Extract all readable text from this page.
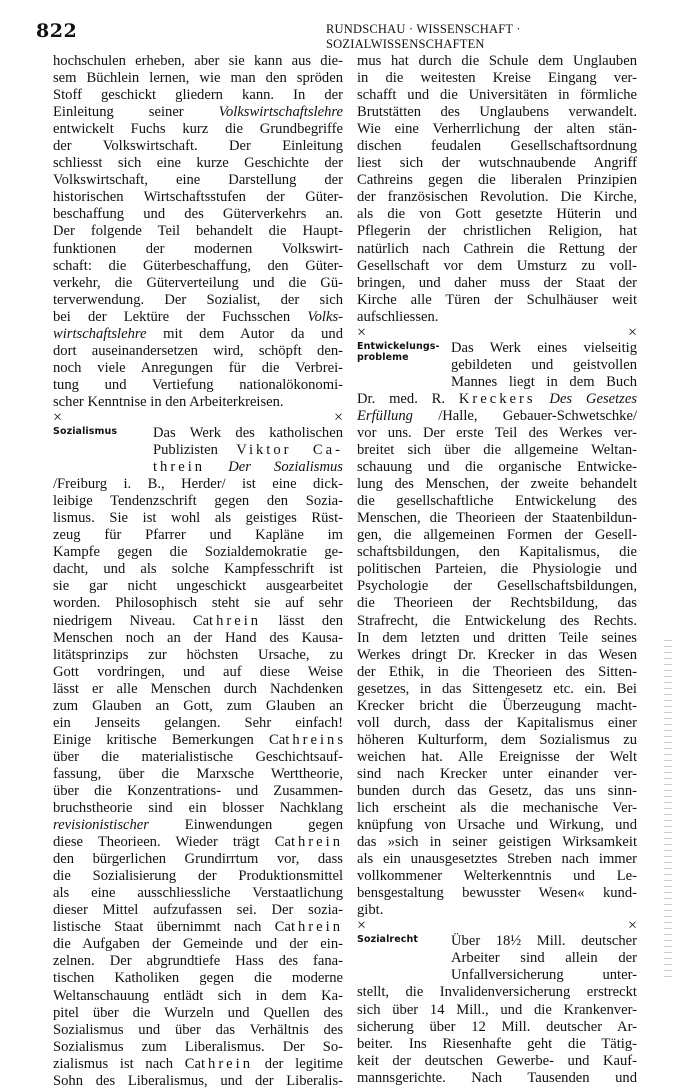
822	RUNDSCHAU · WISSENSCHAFT · SOZIALWISSENSCHAFTEN
hochschulen erheben, aber sie kann aus die-
sem Büchlein lernen, wie man den spröden
Stoff geschickt gliedern kann. In der
Einleitung seiner Volkswirtschaftslehre
entwickelt Fuchs kurz die Grundbegriffe
der Volkswirtschaft. Der Einleitung
schliesst sich eine kurze Geschichte der
Volkswirtschaft, eine Darstellung der
historischen Wirtschaftsstufen der Güter-
beschaffung und des Güterverkehrs an.
Der folgende Teil behandelt die Haupt-
funktionen der modernen Volkswirt-
schaft: die Güterbeschaffung, den Güter-
verkehr, die Güterverteilung und die Gü-
terverwendung. Der Sozialist, der sich
bei der Lektüre der Fuchsschen Volks-
wirtschaftslehre mit dem Autor da und
dort auseinandersetzen wird, schöpft den-
noch viele Anregungen für die Verbrei-
tung und Vertiefung nationalökonomi-
scher Kenntnise in den Arbeiterkreisen.
×	×
Sozialismus	Das Werk des katholischen
Publizisten Viktor Ca-
threin Der Sozialismus
/Freiburg i. B., Herder/ ist eine dick-
leibige Tendenzschrift gegen den Sozia-
lismus. Sie ist wohl als geistiges Rüst-
zeug für Pfarrer und Kapläne im
Kampfe gegen die Sozialdemokratie ge-
dacht, und als solche Kampfesschrift ist
sie gar nicht ungeschickt ausgearbeitet
worden. Philosophisch steht sie auf sehr
niedrigem Niveau. Cathrein lässt den
Menschen noch an der Hand des Kausa-
litätsprinzips zur höchsten Ursache, zu
Gott vordringen, und auf diese Weise
lässt er alle Menschen durch Nachdenken
zum Glauben an Gott, zum Glauben an
ein Jenseits gelangen. Sehr einfach!
Einige kritische Bemerkungen Cathreins
über die materialistische Geschichtsauf-
fassung, über die Marxsche Werttheorie,
über die Konzentrations- und Zusammen-
bruchstheorie sind ein blosser Nachklang
revisionistischer Einwendungen gegen
diese Theorieen. Wieder trägt Cathrein
den bürgerlichen Grundirrtum vor, dass
die Sozialisierung der Produktionsmittel
als eine ausschliessliche Verstaatlichung
dieser Mittel aufzufassen sei. Der sozia-
listische Staat übernimmt nach Cathrein
die Aufgaben der Gemeinde und der ein-
zelnen. Der abgrundtiefe Hass des fana-
tischen Katholiken gegen die moderne
Weltanschauung entlädt sich in dem Ka-
pitel über die Wurzeln und Quellen des
Sozialismus und über das Verhältnis des
Sozialismus zum Liberalismus. Der So-
zialismus ist nach Cathrein der legitime
Sohn des Liberalismus, und der Liberalis-
mus hat durch die Schule dem Unglauben
in die weitesten Kreise Eingang ver-
schafft und die Universitäten in förmliche
Brutstätten des Unglaubens verwandelt.
Wie eine Verherrlichung der alten stän-
dischen feudalen Gesellschaftsordnung
liest sich der wutschnaubende Angriff
Cathreins gegen die liberalen Prinzipien
der französischen Revolution. Die Kirche,
als die von Gott gesetzte Hüterin und
Pflegerin der christlichen Religion, hat
natürlich nach Cathrein die Rettung der
Gesellschaft vor dem Umsturz zu voll-
bringen, und daher muss der Staat der
Kirche alle Türen der Schulhäuser weit
aufschliessen.
×	×
Entwickelungs-
probleme
Das Werk eines vielseitig
gebildeten und geistvollen
Mannes liegt in dem Buch
Dr. med. R. Kreckers Des Gesetzes
Erfüllung /Halle, Gebauer-Schwetschke/
vor uns. Der erste Teil des Werkes ver-
breitet sich über die allgemeine Weltan-
schauung und die organische Entwicke-
lung des Menschen, der zweite behandelt
die gesellschaftliche Entwickelung des
Menschen, die Theorieen der Staatenbildun-
gen, die allgemeinen Formen der Gesell-
schaftsbildungen, den Kapitalismus, die
politischen Parteien, die Physiologie und
Psychologie der Gesellschaftsbildungen,
die Theorieen der Rechtsbildung, das
Strafrecht, die Entwickelung des Rechts.
In dem letzten und dritten Teile seines
Werkes dringt Dr. Krecker in das Wesen
der Ethik, in die Theorieen des Sitten-
gesetzes, in das Sittengesetz etc. ein. Bei
Krecker bricht die Überzeugung macht-
voll durch, dass der Kapitalismus einer
höheren Kulturform, dem Sozialismus zu
weichen hat. Alle Ereignisse der Welt
sind nach Krecker unter einander ver-
bunden durch das Gesetz, das uns sinn-
lich erscheint als die mechanische Ver-
knüpfung von Ursache und Wirkung, und
das »sich in seiner geistigen Wirksamkeit
als ein unausgesetztes Streben nach immer
vollkommener Welterkenntnis und Le-
bensgestaltung bewusster Wesen« kund-
gibt.
×	×
Sozialrecht	Über 18½ Mill. deutscher
Arbeiter sind allein der
Unfallversicherung unter-
stellt, die Invalidenversicherung erstreckt
sich über 14 Mill., und die Krankenver-
sicherung über 12 Mill. deutscher Ar-
beiter. Ins Riesenhafte geht die Tätig-
keit der deutschen Gewerbe- und Kauf-
mannsgerichte. Nach Tausenden und
